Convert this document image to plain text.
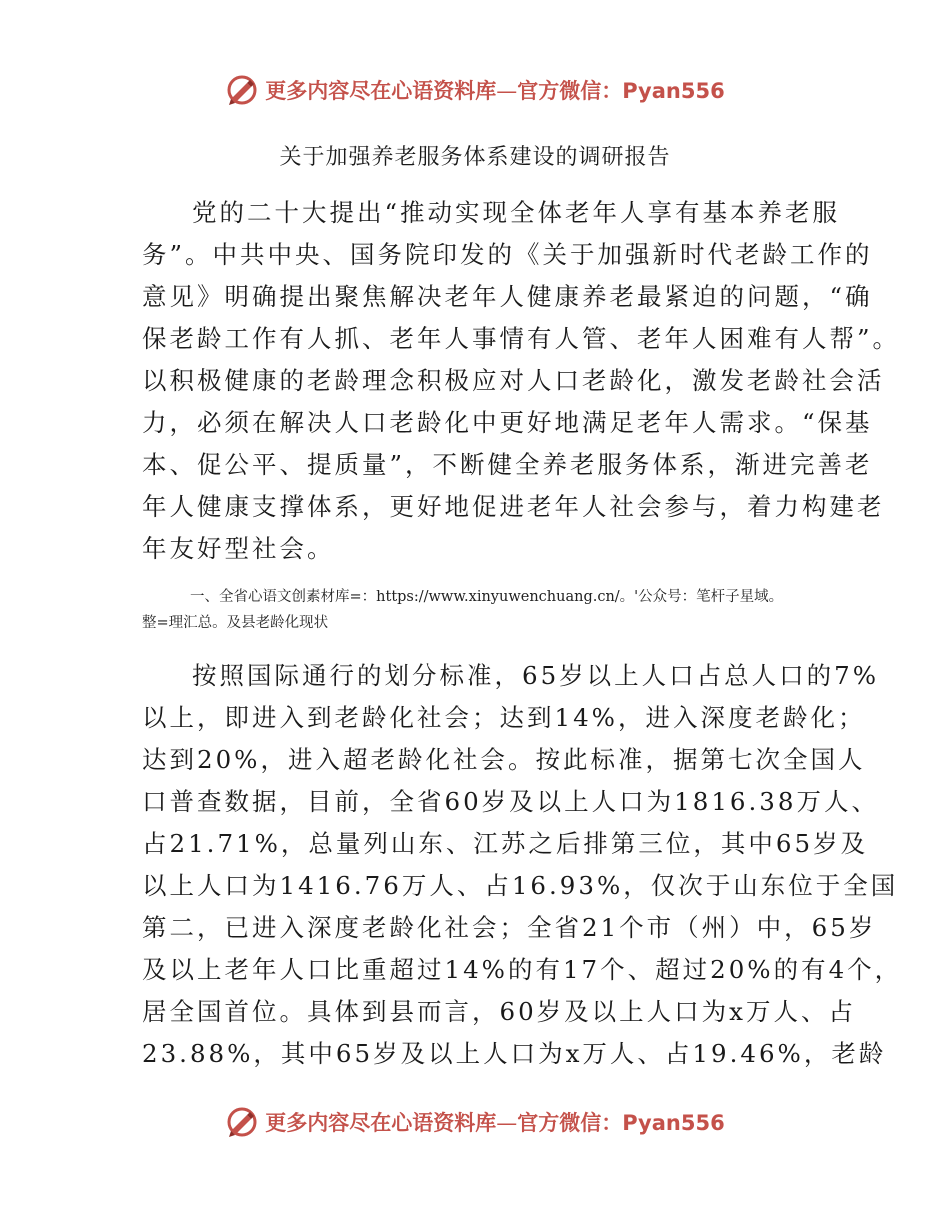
更多内容尽在心语资料库—官方微信：Pyan556
关于加强养老服务体系建设的调研报告
党的二十大提出“推动实现全体老年人享有基本养老服
务”。中共中央、国务院印发的《关于加强新时代老龄工作的
意见》明确提出聚焦解决老年人健康养老最紧迫的问题，“确
保老龄工作有人抓、老年人事情有人管、老年人困难有人帮”。
以积极健康的老龄理念积极应对人口老龄化，激发老龄社会活
力，必须在解决人口老龄化中更好地满足老年人需求。“保基
本、促公平、提质量”，不断健全养老服务体系，渐进完善老
年人健康支撑体系，更好地促进老年人社会参与，着力构建老
年友好型社会。
一、全省心语文创素材库=：https://www.xinyuwenchuang.cn/。'公众号：笔杆子星域。
整=理汇总。及县老龄化现状
按照国际通行的划分标准，65岁以上人口占总人口的7%
以上，即进入到老龄化社会；达到14%，进入深度老龄化；
达到20%，进入超老龄化社会。按此标准，据第七次全国人
口普查数据，目前，全省60岁及以上人口为1816.38万人、
占21.71%，总量列山东、江苏之后排第三位，其中65岁及
以上人口为1416.76万人、占16.93%，仅次于山东位于全国
第二，已进入深度老龄化社会；全省21个市（州）中，65岁
及以上老年人口比重超过14%的有17个、超过20%的有4个，
居全国首位。具体到县而言，60岁及以上人口为x万人、占
23.88%，其中65岁及以上人口为x万人、占19.46%，老龄
更多内容尽在心语资料库—官方微信：Pyan556
